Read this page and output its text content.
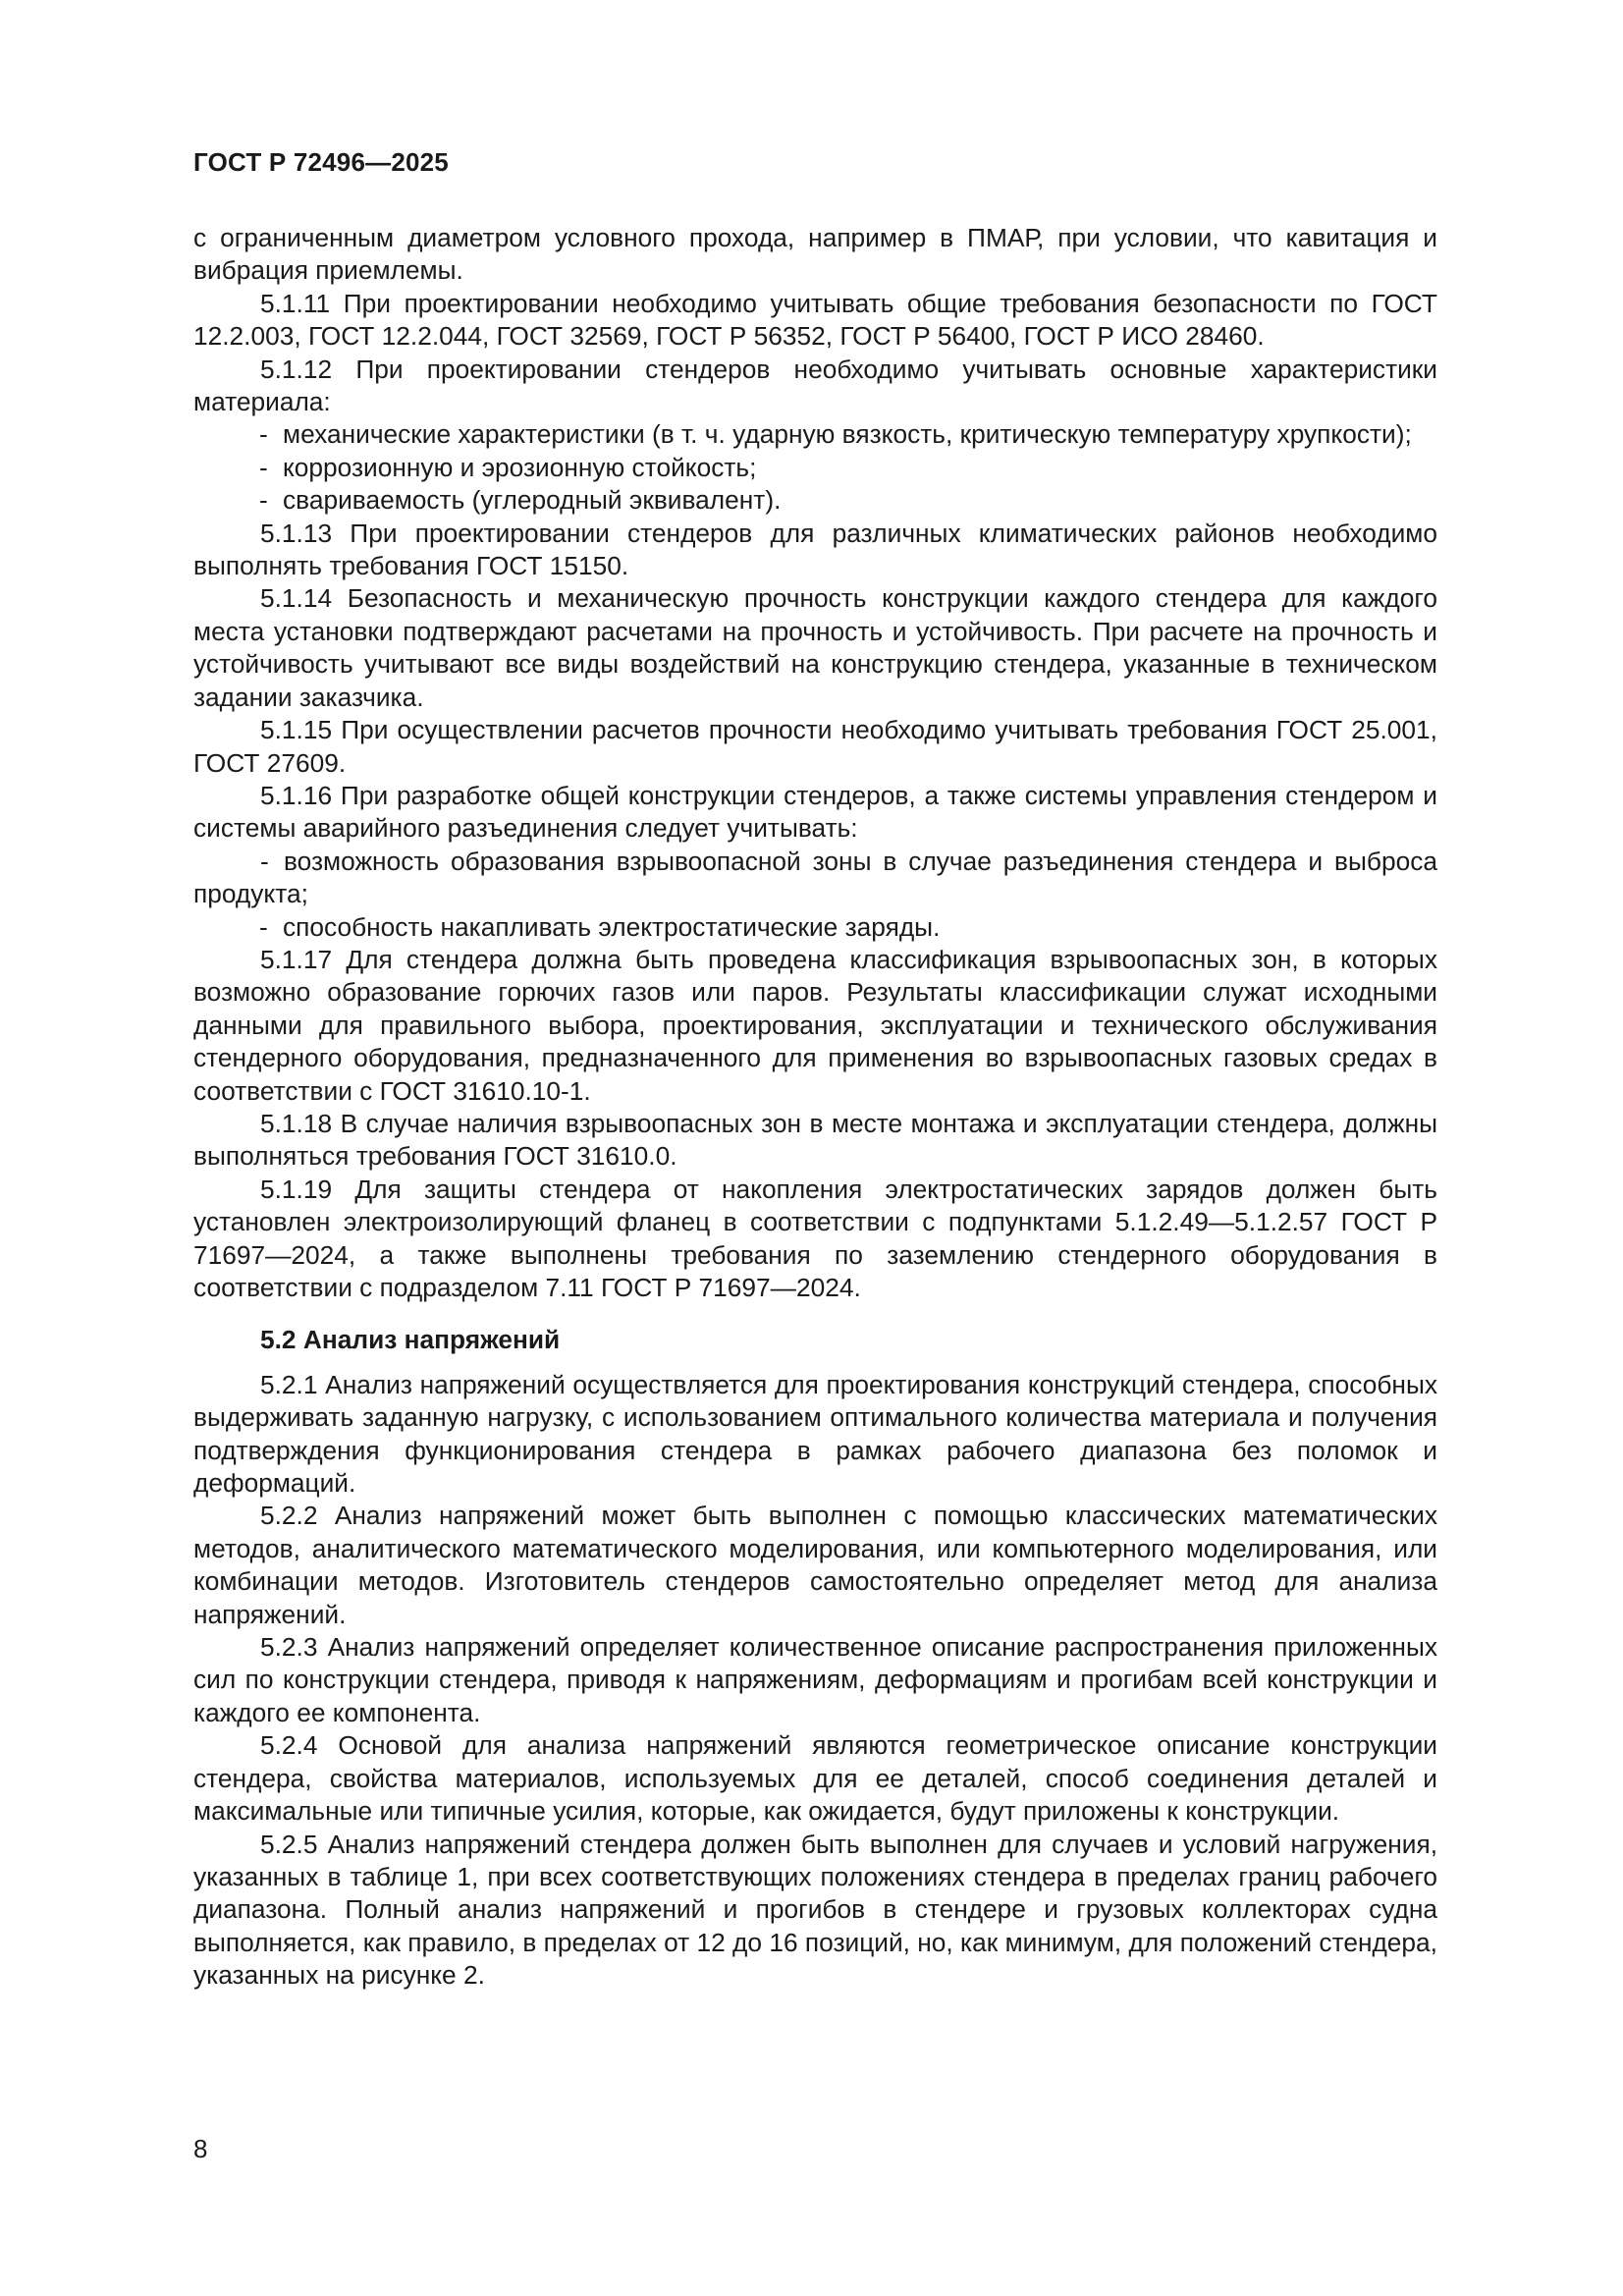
ГОСТ Р 72496—2025

с ограниченным диаметром условного прохода, например в ПМАР, при условии, что кавитация и вибрация приемлемы.

5.1.11 При проектировании необходимо учитывать общие требования безопасности по ГОСТ 12.2.003, ГОСТ 12.2.044, ГОСТ 32569, ГОСТ Р 56352, ГОСТ Р 56400, ГОСТ Р ИСО 28460.

5.1.12 При проектировании стендеров необходимо учитывать основные характеристики материала:

- механические характеристики (в т. ч. ударную вязкость, критическую температуру хрупкости);

- коррозионную и эрозионную стойкость;

- свариваемость (углеродный эквивалент).

5.1.13 При проектировании стендеров для различных климатических районов необходимо выполнять требования ГОСТ 15150.

5.1.14 Безопасность и механическую прочность конструкции каждого стендера для каждого места установки подтверждают расчетами на прочность и устойчивость. При расчете на прочность и устойчивость учитывают все виды воздействий на конструкцию стендера, указанные в техническом задании заказчика.

5.1.15 При осуществлении расчетов прочности необходимо учитывать требования ГОСТ 25.001, ГОСТ 27609.

5.1.16 При разработке общей конструкции стендеров, а также системы управления стендером и системы аварийного разъединения следует учитывать:

- возможность образования взрывоопасной зоны в случае разъединения стендера и выброса продукта;

- способность накапливать электростатические заряды.

5.1.17 Для стендера должна быть проведена классификация взрывоопасных зон, в которых возможно образование горючих газов или паров. Результаты классификации служат исходными данными для правильного выбора, проектирования, эксплуатации и технического обслуживания стендерного оборудования, предназначенного для применения во взрывоопасных газовых средах в соответствии с ГОСТ 31610.10-1.

5.1.18 В случае наличия взрывоопасных зон в месте монтажа и эксплуатации стендера, должны выполняться требования ГОСТ 31610.0.

5.1.19 Для защиты стендера от накопления электростатических зарядов должен быть установлен электроизолирующий фланец в соответствии с подпунктами 5.1.2.49—5.1.2.57 ГОСТ Р 71697—2024, а также выполнены требования по заземлению стендерного оборудования в соответствии с подразделом 7.11 ГОСТ Р 71697—2024.

5.2 Анализ напряжений

5.2.1 Анализ напряжений осуществляется для проектирования конструкций стендера, способных выдерживать заданную нагрузку, с использованием оптимального количества материала и получения подтверждения функционирования стендера в рамках рабочего диапазона без поломок и деформаций.

5.2.2 Анализ напряжений может быть выполнен с помощью классических математических методов, аналитического математического моделирования, или компьютерного моделирования, или комбинации методов. Изготовитель стендеров самостоятельно определяет метод для анализа напряжений.

5.2.3 Анализ напряжений определяет количественное описание распространения приложенных сил по конструкции стендера, приводя к напряжениям, деформациям и прогибам всей конструкции и каждого ее компонента.

5.2.4 Основой для анализа напряжений являются геометрическое описание конструкции стендера, свойства материалов, используемых для ее деталей, способ соединения деталей и максимальные или типичные усилия, которые, как ожидается, будут приложены к конструкции.

5.2.5 Анализ напряжений стендера должен быть выполнен для случаев и условий нагружения, указанных в таблице 1, при всех соответствующих положениях стендера в пределах границ рабочего диапазона. Полный анализ напряжений и прогибов в стендере и грузовых коллекторах судна выполняется, как правило, в пределах от 12 до 16 позиций, но, как минимум, для положений стендера, указанных на рисунке 2.

8
